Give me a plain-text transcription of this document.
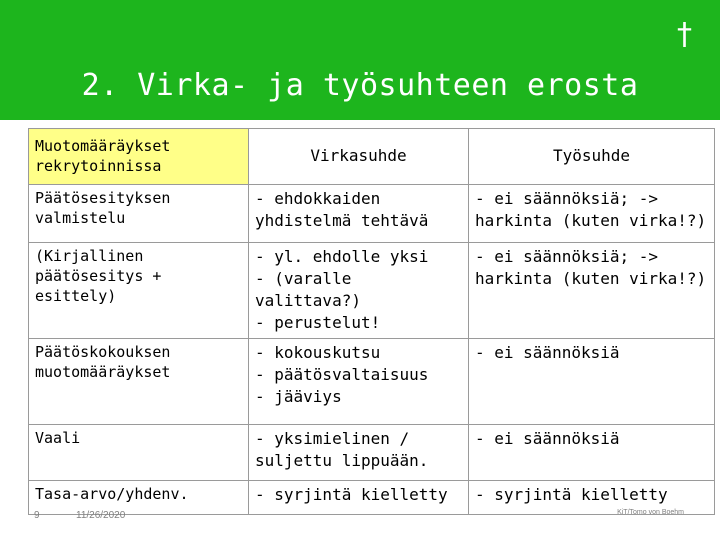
†
2. Virka- ja työsuhteen erosta
Muotomääräykset rekrytoinnissa	Virkasuhde	Työsuhde
Päätösesityksen valmistelu	- ehdokkaiden yhdistelmä tehtävä	- ei säännöksiä; -> harkinta (kuten virka!?)
(Kirjallinen päätösesitys + esittely)	- yl. ehdolle yksi
- (varalle valittava?)
- perustelut!	- ei säännöksiä; -> harkinta (kuten virka!?)
Päätöskokouksen muotomääräykset	- kokouskutsu
- päätösvaltaisuus
- jääviys	- ei säännöksiä
Vaali	- yksimielinen / suljettu lippuään.	- ei säännöksiä
Tasa-arvo/yhdenv.	- syrjintä kielletty	- syrjintä kielletty
9	11/26/2020	KiT/Tomo von Boehm
